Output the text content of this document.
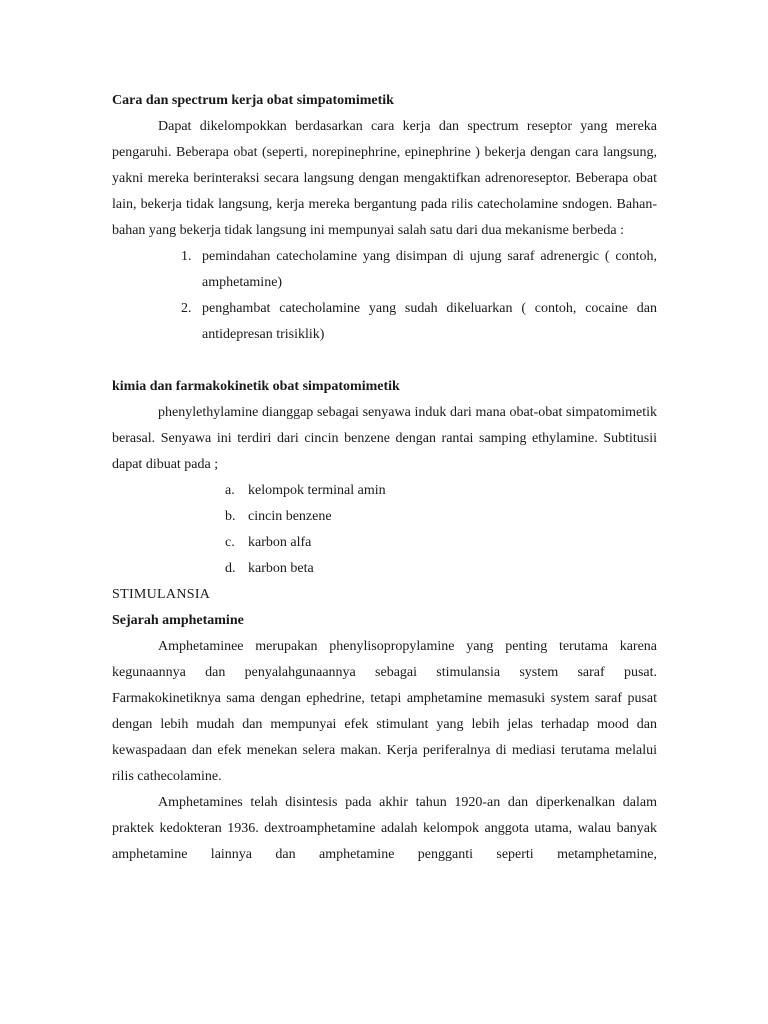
Cara dan spectrum kerja obat simpatomimetik

Dapat dikelompokkan berdasarkan cara kerja dan spectrum reseptor yang mereka pengaruhi. Beberapa obat (seperti, norepinephrine, epinephrine ) bekerja dengan cara langsung, yakni mereka berinteraksi secara langsung dengan mengaktifkan adrenoreseptor. Beberapa obat lain, bekerja tidak langsung, kerja mereka bergantung pada rilis catecholamine sndogen. Bahan-bahan yang bekerja tidak langsung ini mempunyai salah satu dari dua mekanisme berbeda :

1. pemindahan catecholamine yang disimpan di ujung saraf adrenergic ( contoh, amphetamine)
2. penghambat catecholamine yang sudah dikeluarkan ( contoh, cocaine dan antidepresan trisiklik)

kimia dan farmakokinetik obat simpatomimetik

phenylethylamine dianggap sebagai senyawa induk dari mana obat-obat simpatomimetik berasal. Senyawa ini terdiri dari cincin benzene dengan rantai samping ethylamine. Subtitusii dapat dibuat pada ;

a. kelompok terminal amin
b. cincin benzene
c. karbon alfa
d. karbon beta

STIMULANSIA

Sejarah amphetamine

Amphetaminee merupakan phenylisopropylamine yang penting terutama karena kegunaannya dan penyalahgunaannya sebagai stimulansia system saraf pusat. Farmakokinetiknya sama dengan ephedrine, tetapi amphetamine memasuki system saraf pusat dengan lebih mudah dan mempunyai efek stimulant yang lebih jelas terhadap mood dan kewaspadaan dan efek menekan selera makan. Kerja periferalnya di mediasi terutama melalui rilis cathecolamine.

Amphetamines telah disintesis pada akhir tahun 1920-an dan diperkenalkan dalam praktek kedokteran 1936. dextroamphetamine adalah kelompok anggota utama, walau banyak amphetamine lainnya dan amphetamine pengganti seperti metamphetamine,
